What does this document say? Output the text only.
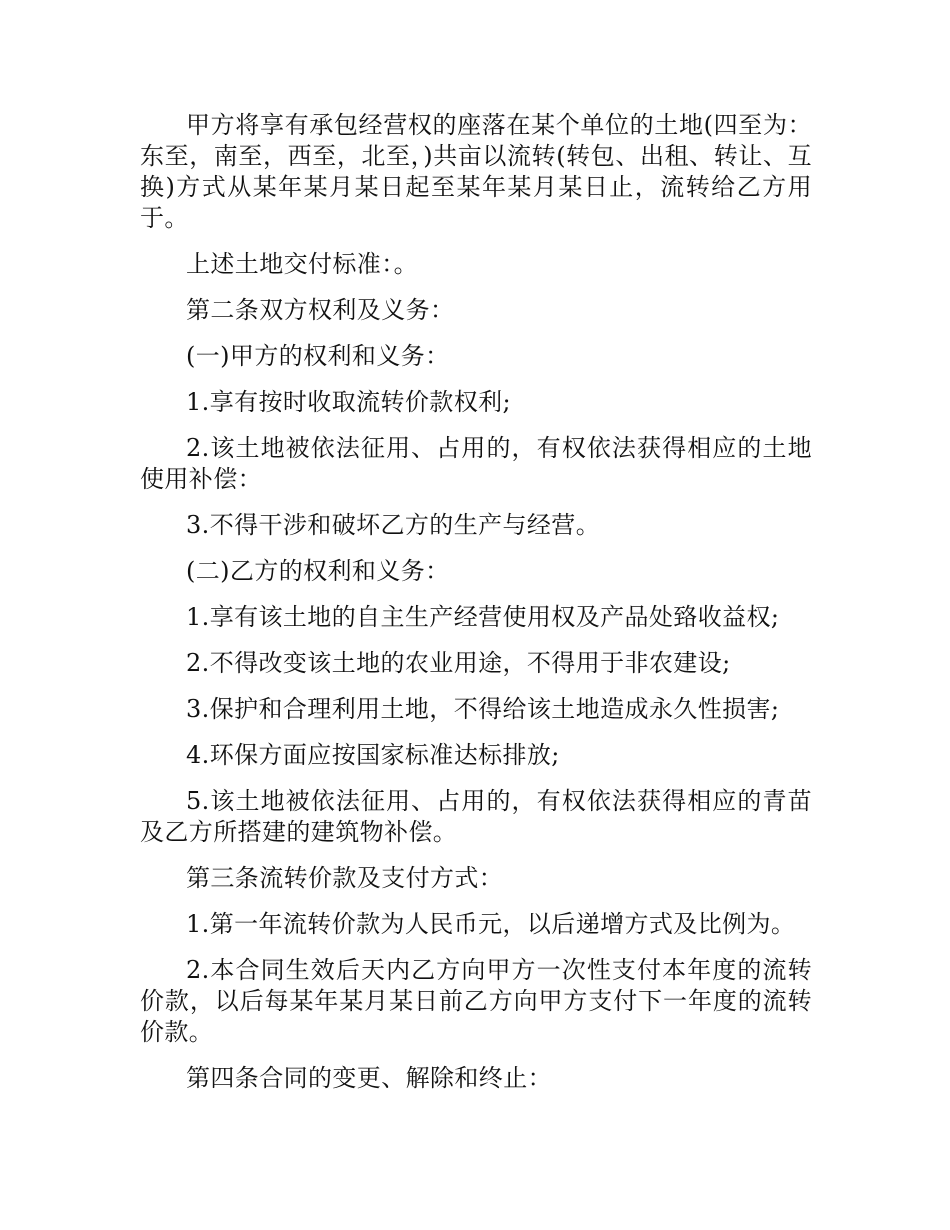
甲方将享有承包经营权的座落在某个单位的土地(四至为：东至，南至，西至，北至，)共亩以流转(转包、出租、转让、互换)方式从某年某月某日起至某年某月某日止，流转给乙方用于。

上述土地交付标准：。

第二条双方权利及义务：

(一)甲方的权利和义务：

1.享有按时收取流转价款权利;

2.该土地被依法征用、占用的，有权依法获得相应的土地使用补偿：

3.不得干涉和破坏乙方的生产与经营。

(二)乙方的权利和义务：

1.享有该土地的自主生产经营使用权及产品处臵收益权;

2.不得改变该土地的农业用途，不得用于非农建设;

3.保护和合理利用土地，不得给该土地造成永久性损害;

4.环保方面应按国家标准达标排放;

5.该土地被依法征用、占用的，有权依法获得相应的青苗及乙方所搭建的建筑物补偿。

第三条流转价款及支付方式：

1.第一年流转价款为人民币元，以后递增方式及比例为。

2.本合同生效后天内乙方向甲方一次性支付本年度的流转价款，以后每某年某月某日前乙方向甲方支付下一年度的流转价款。

第四条合同的变更、解除和终止：
